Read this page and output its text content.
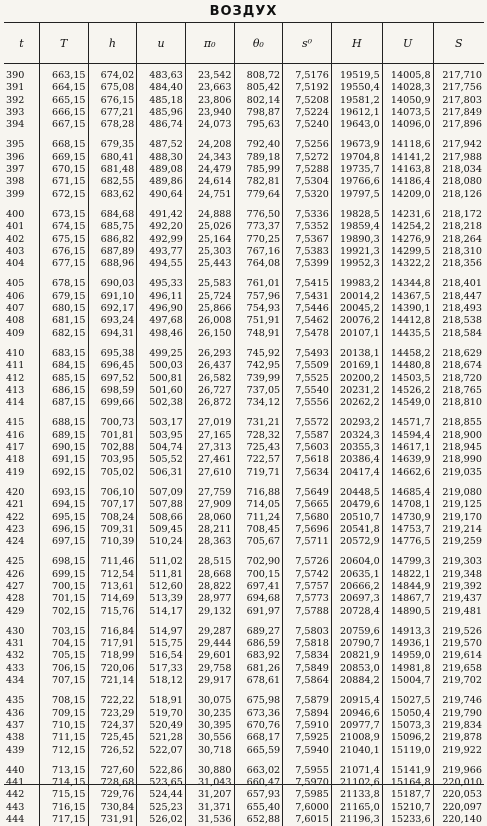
ВОЗДУХ
t	T	h	u	π₀	θ₀	s⁰	H	U	S

390	663,15	674,02	483,63	23,542	808,72	7,5176	19519,5	14005,8	217,710
391	664,15	675,08	484,40	23,663	805,42	7,5192	19550,4	14028,3	217,756
392	665,15	676,15	485,18	23,806	802,14	7,5208	19581,2	14050,9	217,803
393	666,15	677,21	485,96	23,940	798,87	7,5224	19612,1	14073,5	217,849
394	667,15	678,28	486,74	24,073	795,63	7,5240	19643,0	14096,0	217,896

395	668,15	679,35	487,52	24,208	792,40	7,5256	19673,9	14118,6	217,942
396	669,15	680,41	488,30	24,343	789,18	7,5272	19704,8	14141,2	217,988
397	670,15	681,48	489,08	24,479	785,99	7,5288	19735,7	14163,8	218,034
398	671,15	682,55	489,86	24,614	782,81	7,5304	19766,6	14186,4	218,080
399	672,15	683,62	490,64	24,751	779,64	7,5320	19797,5	14209,0	218,126

400	673,15	684,68	491,42	24,888	776,50	7,5336	19828,5	14231,6	218,172
401	674,15	685,75	492,20	25,026	773,37	7,5352	19859,4	14254,2	218,218
402	675,15	686,82	492,99	25,164	770,25	7,5367	19890,3	14276,9	218,264
403	676,15	687,89	493,77	25,303	767,16	7,5383	19921,3	14299,5	218,310
404	677,15	688,96	494,55	25,443	764,08	7,5399	19952,3	14322,2	218,356

405	678,15	690,03	495,33	25,583	761,01	7,5415	19983,2	14344,8	218,401
406	679,15	691,10	496,11	25,724	757,96	7,5431	20014,2	14367,5	218,447
407	680,15	692,17	496,90	25,866	754,93	7,5446	20045,2	14390,1	218,493
408	681,15	693,24	497,68	26,008	751,91	7,5462	20076,2	14412,8	218,538
409	682,15	694,31	498,46	26,150	748,91	7,5478	20107,1	14435,5	218,584

410	683,15	695,38	499,25	26,293	745,92	7,5493	20138,1	14458,2	218,629
411	684,15	696,45	500,03	26,437	742,95	7,5509	20169,1	14480,8	218,674
412	685,15	697,52	500,81	26,582	739,99	7,5525	20200,2	14503,5	218,720
413	686,15	698,59	501,60	26,727	737,05	7,5540	20231,2	14526,2	218,765
414	687,15	699,66	502,38	26,872	734,12	7,5556	20262,2	14549,0	218,810

415	688,15	700,73	503,17	27,019	731,21	7,5572	20293,2	14571,7	218,855
416	689,15	701,81	503,95	27,165	728,32	7,5587	20324,3	14594,4	218,900
417	690,15	702,88	504,74	27,313	725,43	7,5603	20355,3	14617,1	218,945
418	691,15	703,95	505,52	27,461	722,57	7,5618	20386,4	14639,9	218,990
419	692,15	705,02	506,31	27,610	719,71	7,5634	20417,4	14662,6	219,035

420	693,15	706,10	507,09	27,759	716,88	7,5649	20448,5	14685,4	219,080
421	694,15	707,17	507,88	27,909	714,05	7,5665	20479,6	14708,1	219,125
422	695,15	708,24	508,66	28,060	711,24	7,5680	20510,7	14730,9	219,170
423	696,15	709,31	509,45	28,211	708,45	7,5696	20541,8	14753,7	219,214
424	697,15	710,39	510,24	28,363	705,67	7,5711	20572,9	14776,5	219,259

425	698,15	711,46	511,02	28,515	702,90	7,5726	20604,0	14799,3	219,303
426	699,15	712,54	511,81	28,668	700,15	7,5742	20635,1	14822,1	219,348
427	700,15	713,61	512,60	28,822	697,41	7,5757	20666,2	14844,9	219,392
428	701,15	714,69	513,39	28,977	694,68	7,5773	20697,3	14867,7	219,437
429	702,15	715,76	514,17	29,132	691,97	7,5788	20728,4	14890,5	219,481

430	703,15	716,84	514,97	29,287	689,27	7,5803	20759,6	14913,3	219,526
431	704,15	717,91	515,75	29,444	686,59	7,5818	20790,7	14936,1	219,570
432	705,15	718,99	516,54	29,601	683,92	7,5834	20821,9	14959,0	219,614
433	706,15	720,06	517,33	29,758	681,26	7,5849	20853,0	14981,8	219,658
434	707,15	721,14	518,12	29,917	678,61	7,5864	20884,2	15004,7	219,702

435	708,15	722,22	518,91	30,075	675,98	7,5879	20915,4	15027,5	219,746
436	709,15	723,29	519,70	30,235	673,36	7,5894	20946,6	15050,4	219,790
437	710,15	724,37	520,49	30,395	670,76	7,5910	20977,7	15073,3	219,834
438	711,15	725,45	521,28	30,556	668,17	7,5925	21008,9	15096,2	219,878
439	712,15	726,52	522,07	30,718	665,59	7,5940	21040,1	15119,0	219,922

440	713,15	727,60	522,86	30,880	663,02	7,5955	21071,4	15141,9	219,966
441	714,15	728,68	523,65	31,043	660,47	7,5970	21102,6	15164,8	220,010
442	715,15	729,76	524,44	31,207	657,93	7,5985	21133,8	15187,7	220,053
443	716,15	730,84	525,23	31,371	655,40	7,6000	21165,0	15210,7	220,097
444	717,15	731,91	526,02	31,536	652,88	7,6015	21196,3	15233,6	220,140
